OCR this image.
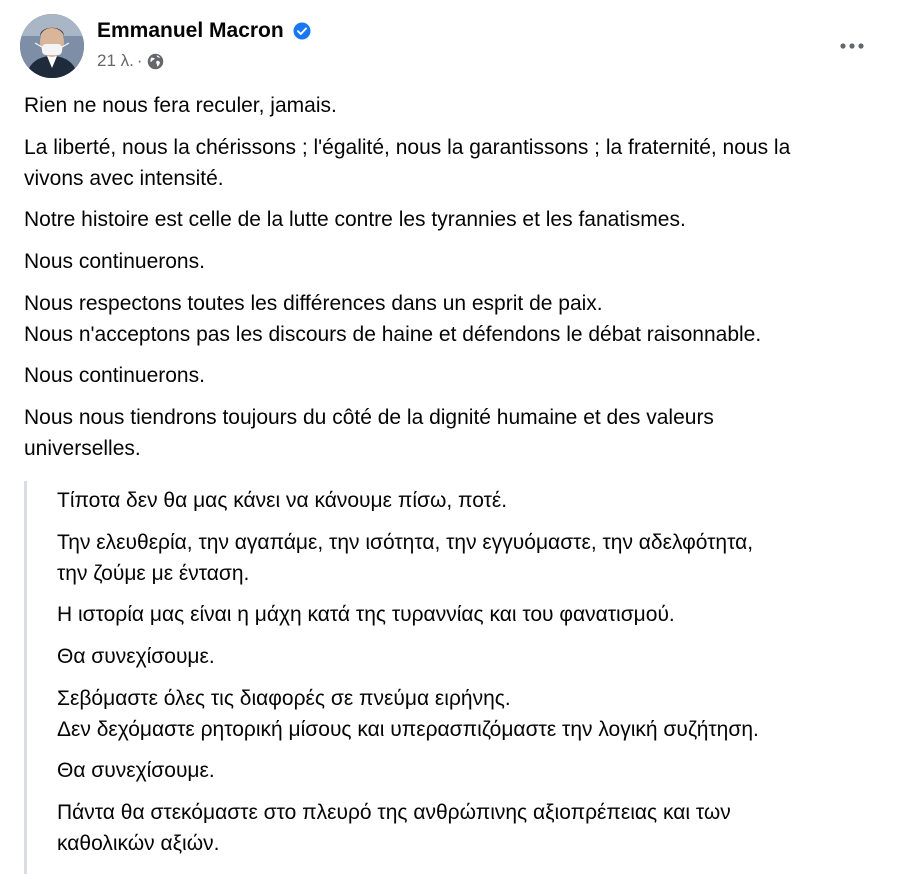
Emmanuel Macron
21 λ. ·
Rien ne nous fera reculer, jamais.
La liberté, nous la chérissons ; l'égalité, nous la garantissons ; la fraternité, nous la
vivons avec intensité.
Notre histoire est celle de la lutte contre les tyrannies et les fanatismes.
Nous continuerons.
Nous respectons toutes les différences dans un esprit de paix.
Nous n'acceptons pas les discours de haine et défendons le débat raisonnable.
Nous continuerons.
Nous nous tiendrons toujours du côté de la dignité humaine et des valeurs
universelles.
Τίποτα δεν θα μας κάνει να κάνουμε πίσω, ποτέ.
Την ελευθερία, την αγαπάμε, την ισότητα, την εγγυόμαστε, την αδελφότητα,
την ζούμε με ένταση.
Η ιστορία μας είναι η μάχη κατά της τυραννίας και του φανατισμού.
Θα συνεχίσουμε.
Σεβόμαστε όλες τις διαφορές σε πνεύμα ειρήνης.
Δεν δεχόμαστε ρητορική μίσους και υπερασπιζόμαστε την λογική συζήτηση.
Θα συνεχίσουμε.
Πάντα θα στεκόμαστε στο πλευρό της ανθρώπινης αξιοπρέπειας και των
καθολικών αξιών.
